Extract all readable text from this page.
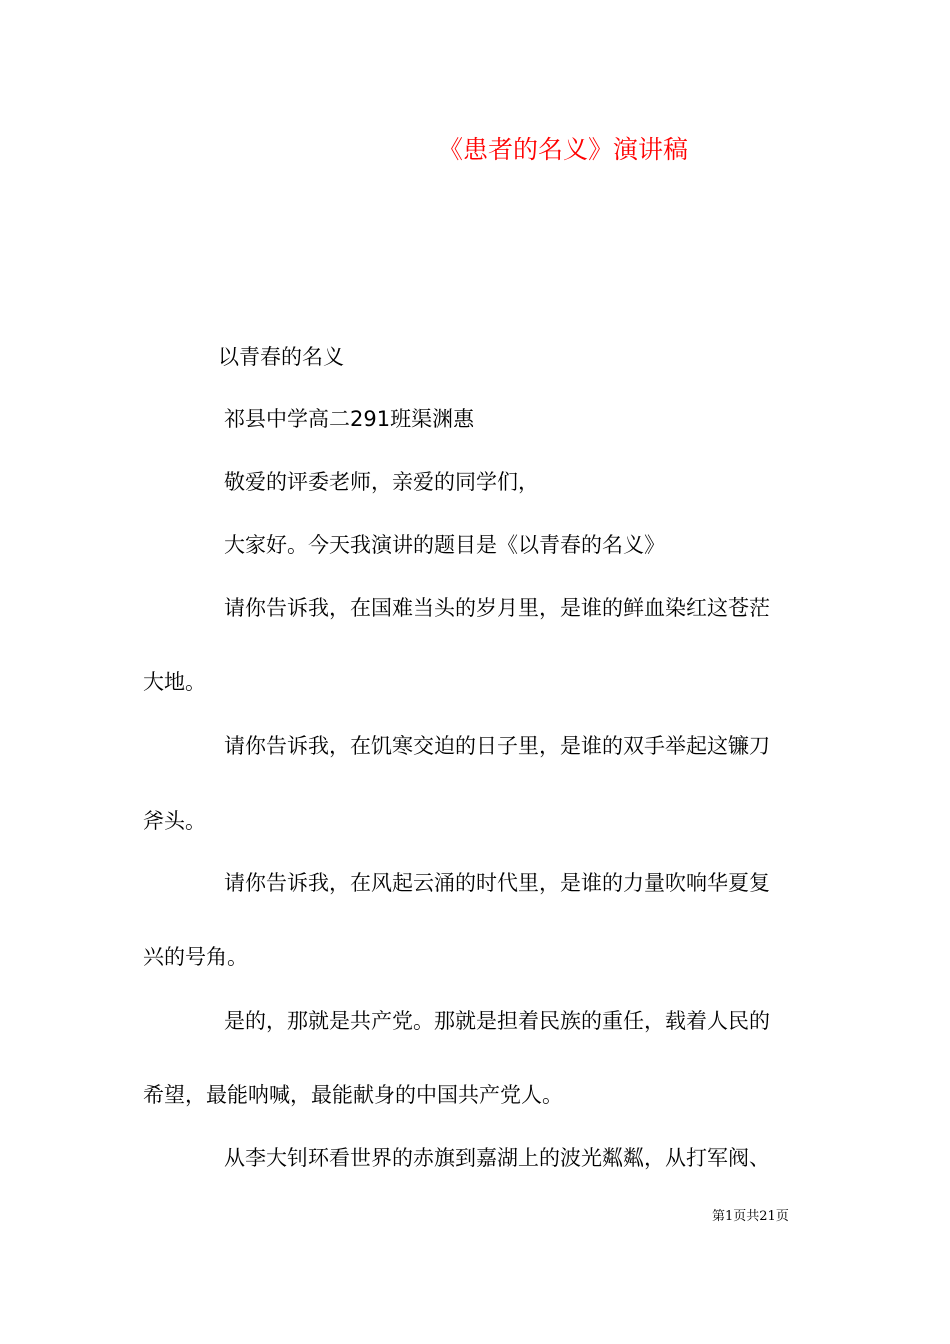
《患者的名义》演讲稿
以青春的名义
祁县中学高二291班渠渊惠
敬爱的评委老师，亲爱的同学们，
大家好。今天我演讲的题目是《以青春的名义》
请你告诉我，在国难当头的岁月里，是谁的鲜血染红这苍茫
大地。
请你告诉我，在饥寒交迫的日子里，是谁的双手举起这镰刀
斧头。
请你告诉我，在风起云涌的时代里，是谁的力量吹响华夏复
兴的号角。
是的，那就是共产党。那就是担着民族的重任，载着人民的
希望，最能呐喊，最能献身的中国共产党人。
从李大钊环看世界的赤旗到嘉湖上的波光粼粼，从打军阀、
第1页共21页
